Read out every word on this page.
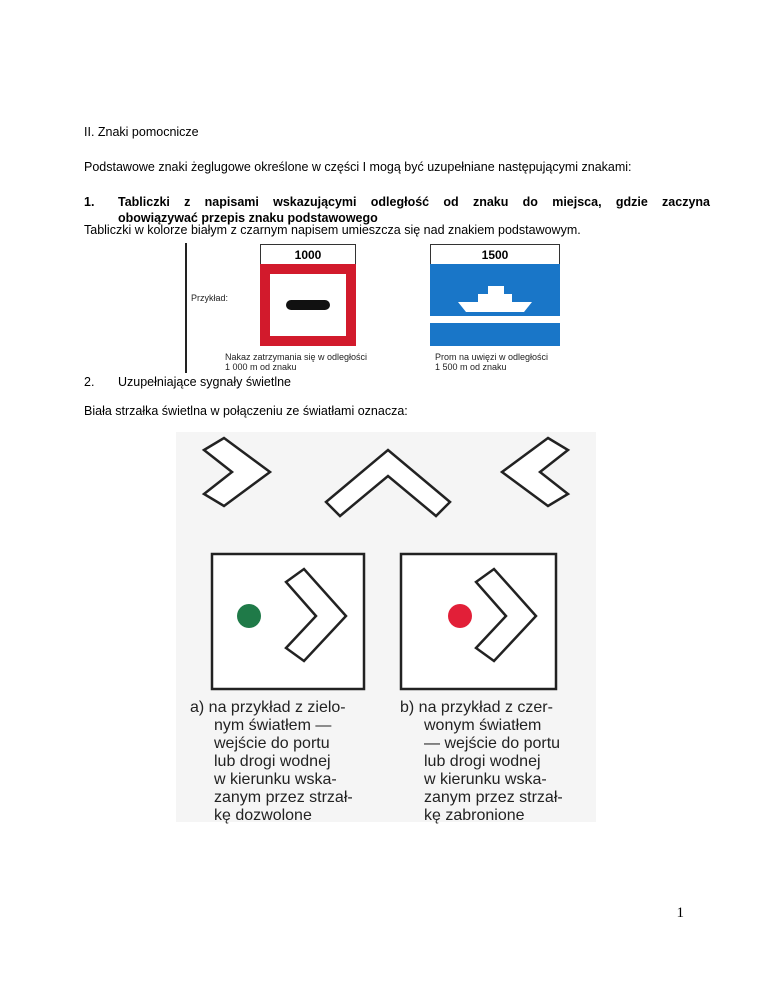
II. Znaki pomocnicze
Podstawowe znaki żeglugowe określone w części I mogą być uzupełniane następującymi znakami:
1. Tabliczki z napisami wskazującymi odległość od znaku do miejsca, gdzie zaczyna
obowiązywać przepis znaku podstawowego
Tabliczki w kolorze białym z czarnym napisem umieszcza się nad znakiem podstawowym.
Przykład:
1000
Nakaz zatrzymania się w odległości
1 000 m od znaku
1500
Prom na uwięzi w odległości
1 500 m od znaku
2. Uzupełniające sygnały świetlne
Biała strzałka świetlna w połączeniu ze światłami oznacza:
a) na przykład z zielo-
nym światłem —
wejście do portu
lub drogi wodnej
w kierunku wska-
zanym przez strzał-
kę dozwolone
b) na przykład z czer-
wonym światłem
— wejście do portu
lub drogi wodnej
w kierunku wska-
zanym przez strzał-
kę zabronione
1
